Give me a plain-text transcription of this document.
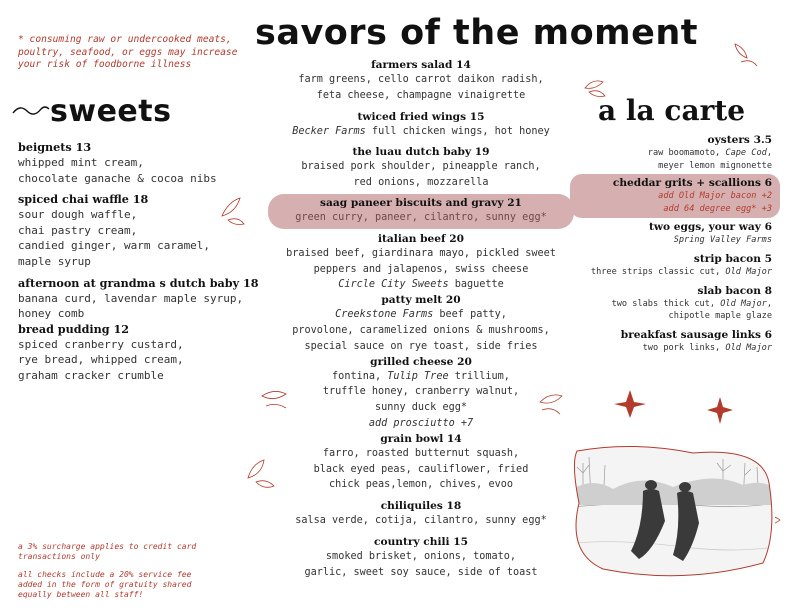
* consuming raw or undercooked meats, poultry, seafood, or eggs may increase your risk of foodborne illness
savors of the moment
sweets
beignets 13
whipped mint cream,
chocolate ganache & cocoa nibs
spiced chai waffle 18
sour dough waffle,
chai pastry cream,
candied ginger, warm caramel,
maple syrup
afternoon at grandma s dutch baby 18
banana curd, lavendar maple syrup,
honey comb
bread pudding 12
spiced cranberry custard,
rye bread, whipped cream,
graham cracker crumble
farmers salad 14
farm greens, cello carrot daikon radish,
feta cheese, champagne vinaigrette
twiced fried wings 15
Becker Farms full chicken wings, hot honey
the luau dutch baby 19
braised pork shoulder, pineapple ranch,
red onions, mozzarella
saag paneer biscuits and gravy 21
green curry, paneer, cilantro, sunny egg*
italian beef 20
braised beef, giardinara mayo, pickled sweet
peppers and jalapenos, swiss cheese
Circle City Sweets baguette
patty melt 20
Creekstone Farms beef patty,
provolone, caramelized onions & mushrooms,
special sauce on rye toast, side fries
grilled cheese 20
fontina, Tulip Tree trillium,
truffle honey, cranberry walnut,
sunny duck egg*
add prosciutto +7
grain bowl 14
farro, roasted butternut squash,
black eyed peas, cauliflower, fried
chick peas,lemon, chives, evoo
chiliquiles 18
salsa verde, cotija, cilantro, sunny egg*
country chili 15
smoked brisket, onions, tomato,
garlic, sweet soy sauce, side of toast
a la carte
oysters 3.5
raw boomamoto, Cape Cod,
meyer lemon mignonette
cheddar grits + scallions 6
add Old Major bacon +2
add 64 degree egg* +3
two eggs, your way 6
Spring Valley Farms
strip bacon 5
three strips classic cut, Old Major
slab bacon 8
two slabs thick cut, Old Major,
chipotle maple glaze
breakfast sausage links 6
two pork links, Old Major

a 3% surcharge applies to credit card transactions only

all checks include a 20% service fee added in the form of gratuity shared equally between all staff!
